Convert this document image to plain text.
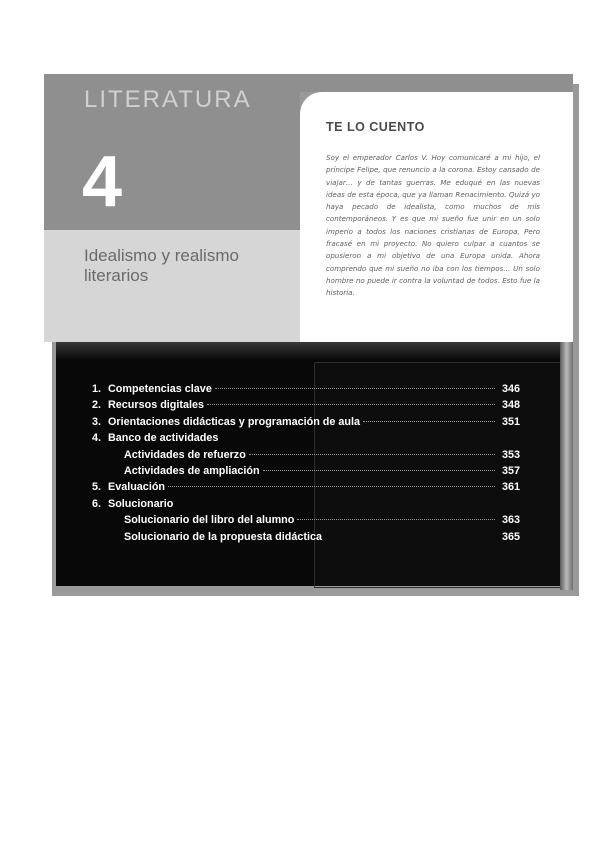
LITERATURA
4
Idealismo y realismo literarios
TE LO CUENTO

Soy el emperador Carlos V. Hoy comunicaré a mi hijo, el príncipe Felipe, que renuncio a la corona. Estoy cansado de viajar… y de tantas guerras. Me eduqué en las nuevas ideas de esta época, que ya llaman Renacimiento. Quizá yo haya pecado de idealista, como muchos de mis contemporáneos. Y es que mi sueño fue unir en un solo imperio a todos los naciones cristianas de Europa. Pero fracasé en mi proyecto. No quiero culpar a cuantos se opusieron a mi objetivo de una Europa unida. Ahora comprendo que mi sueño no iba con los tiempos… Un solo hombre no puede ir contra la voluntad de todos. Esto fue la historia.

1. Competencias clave	346
2. Recursos digitales	348
3. Orientaciones didácticas y programación de aula	351
4. Banco de actividades
Actividades de refuerzo	353
Actividades de ampliación	357
5. Evaluación	361
6. Solucionario
Solucionario del libro del alumno	363
Solucionario de la propuesta didáctica	365
